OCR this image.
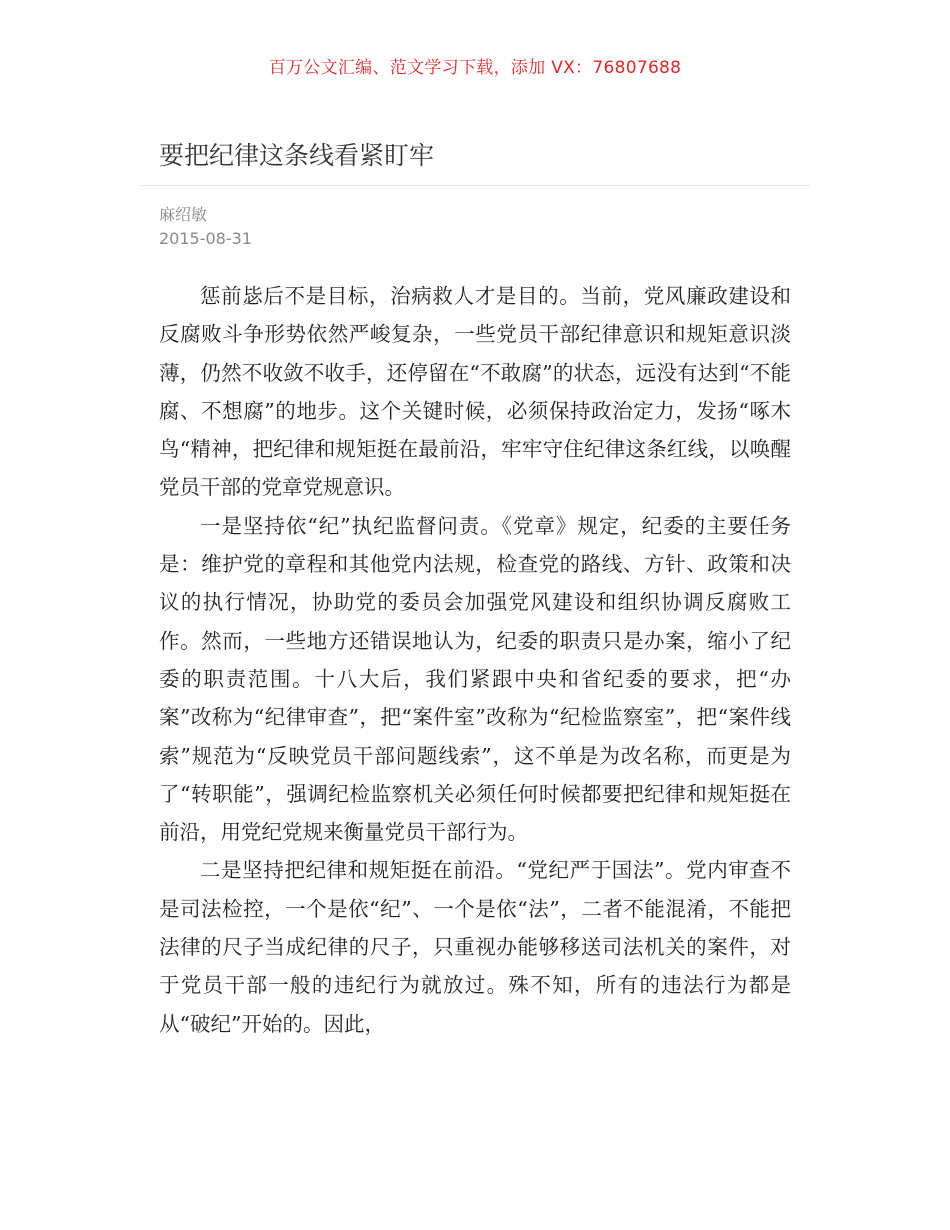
百万公文汇编、范文学习下载，添加 VX：76807688
要把纪律这条线看紧盯牢
麻绍敏
2015-08-31

惩前毖后不是目标，治病救人才是目的。当前，党风廉政建设和反腐败斗争形势依然严峻复杂，一些党员干部纪律意识和规矩意识淡薄，仍然不收敛不收手，还停留在“不敢腐”的状态，远没有达到“不能腐、不想腐”的地步。这个关键时候，必须保持政治定力，发扬“啄木鸟“精神，把纪律和规矩挺在最前沿，牢牢守住纪律这条红线，以唤醒党员干部的党章党规意识。

一是坚持依“纪”执纪监督问责。《党章》规定，纪委的主要任务是：维护党的章程和其他党内法规，检查党的路线、方针、政策和决议的执行情况，协助党的委员会加强党风建设和组织协调反腐败工作。然而，一些地方还错误地认为，纪委的职责只是办案，缩小了纪委的职责范围。十八大后，我们紧跟中央和省纪委的要求，把“办案”改称为“纪律审查”，把“案件室”改称为“纪检监察室”，把“案件线索”规范为“反映党员干部问题线索”，这不单是为改名称，而更是为了“转职能”，强调纪检监察机关必须任何时候都要把纪律和规矩挺在前沿，用党纪党规来衡量党员干部行为。

二是坚持把纪律和规矩挺在前沿。“党纪严于国法”。党内审查不是司法检控，一个是依“纪”、一个是依“法”，二者不能混淆，不能把法律的尺子当成纪律的尺子，只重视办能够移送司法机关的案件，对于党员干部一般的违纪行为就放过。殊不知，所有的违法行为都是从“破纪”开始的。因此，
